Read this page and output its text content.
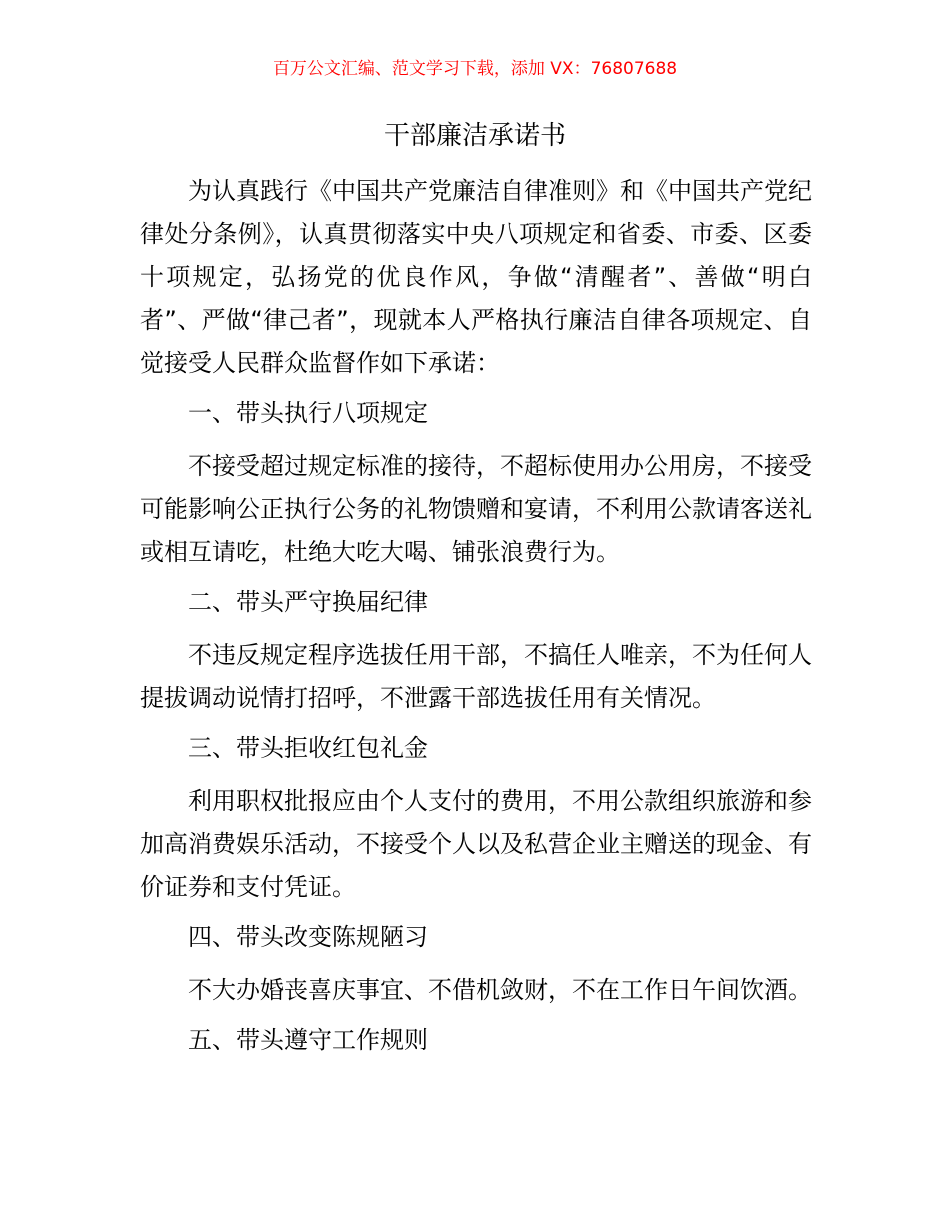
百万公文汇编、范文学习下载，添加 VX：76807688
干部廉洁承诺书

为认真践行《中国共产党廉洁自律准则》和《中国共产党纪律处分条例》，认真贯彻落实中央八项规定和省委、市委、区委十项规定，弘扬党的优良作风，争做“清醒者”、善做“明白者”、严做“律己者”，现就本人严格执行廉洁自律各项规定、自觉接受人民群众监督作如下承诺：

一、带头执行八项规定

不接受超过规定标准的接待，不超标使用办公用房，不接受可能影响公正执行公务的礼物馈赠和宴请，不利用公款请客送礼或相互请吃，杜绝大吃大喝、铺张浪费行为。

二、带头严守换届纪律

不违反规定程序选拔任用干部，不搞任人唯亲，不为任何人提拔调动说情打招呼，不泄露干部选拔任用有关情况。

三、带头拒收红包礼金

利用职权批报应由个人支付的费用，不用公款组织旅游和参加高消费娱乐活动，不接受个人以及私营企业主赠送的现金、有价证券和支付凭证。

四、带头改变陈规陋习

不大办婚丧喜庆事宜、不借机敛财，不在工作日午间饮酒。

五、带头遵守工作规则
